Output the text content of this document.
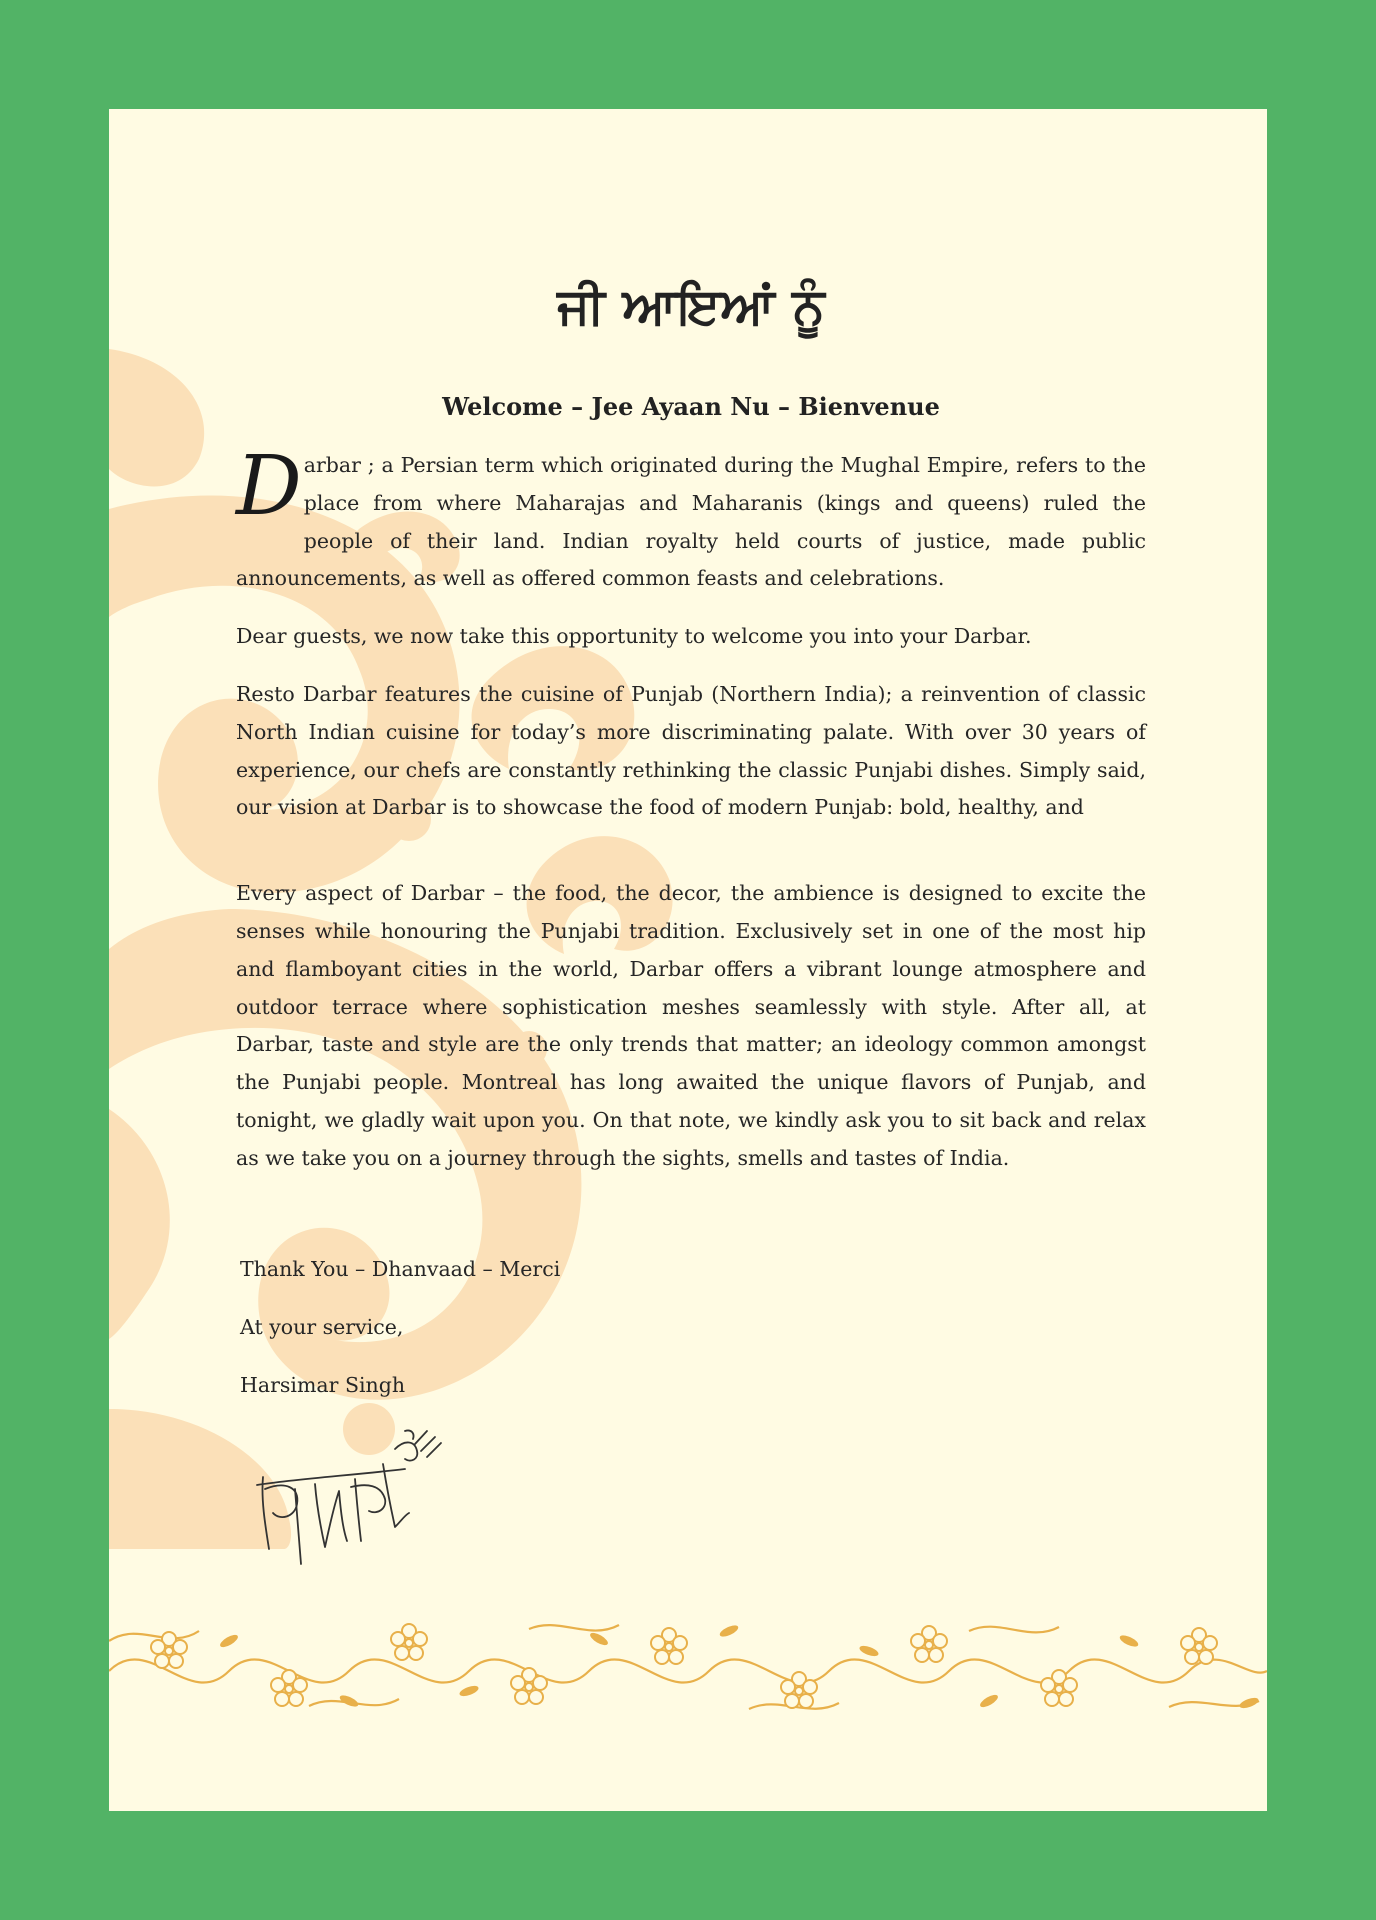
ਜੀ ਆਇਆਂ ਨੂੰ
Welcome – Jee Ayaan Nu – Bienvenue

Darbar ; a Persian term which originated during the Mughal Empire, refers to the place from where Maharajas and Maharanis (kings and queens) ruled the people of their land. Indian royalty held courts of justice, made public announcements, as well as offered common feasts and celebrations.

Dear guests, we now take this opportunity to welcome you into your Darbar.

Resto Darbar features the cuisine of Punjab (Northern India); a reinvention of classic North Indian cuisine for today’s more discriminating palate. With over 30 years of experience, our chefs are constantly rethinking the classic Punjabi dishes. Simply said, our vision at Darbar is to showcase the food of modern Punjab: bold, healthy, and

Every aspect of Darbar – the food, the decor, the ambience is designed to excite the senses while honouring the Punjabi tradition. Exclusively set in one of the most hip and flamboyant cities in the world, Darbar offers a vibrant lounge atmosphere and outdoor terrace where sophistication meshes seamlessly with style. After all, at Darbar, taste and style are the only trends that matter; an ideology common amongst the Punjabi people. Montreal has long awaited the unique flavors of Punjab, and tonight, we gladly wait upon you. On that note, we kindly ask you to sit back and relax as we take you on a journey through the sights, smells and tastes of India.

Thank You – Dhanvaad – Merci
At your service,
Harsimar Singh
